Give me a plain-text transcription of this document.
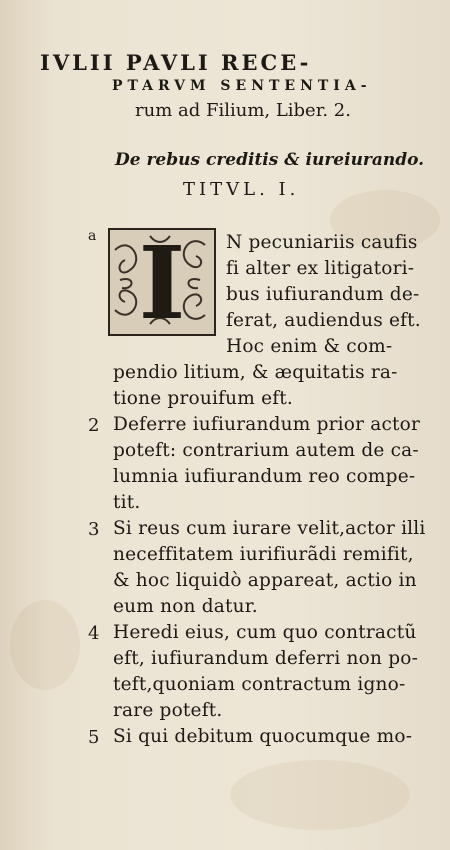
IVLII PAVLI RECE-
PTARVM SENTENTIA-
rum ad Filium, Liber. 2.
De rebus creditis & iureiurando.
TITVL. I.
a I	N pecuniariis caufis
fi alter ex litigatori-
bus iufiurandum de-
ferat, audiendus eft.
Hoc enim & com-
pendio litium, & æquitatis ra-
tione prouifum eft.
2 Deferre iufiurandum prior actor
poteft: contrarium autem de ca-
lumnia iufiurandum reo compe-
tit.
3 Si reus cum iurare velit,actor illi
neceffitatem iurifiurãdi remifit,
& hoc liquidò appareat, actio in
eum non datur.
4 Heredi eius, cum quo contractũ
eft, iufiurandum deferri non po-
teft,quoniam contractum igno-
rare poteft.
5 Si qui debitum quocumque mo-
